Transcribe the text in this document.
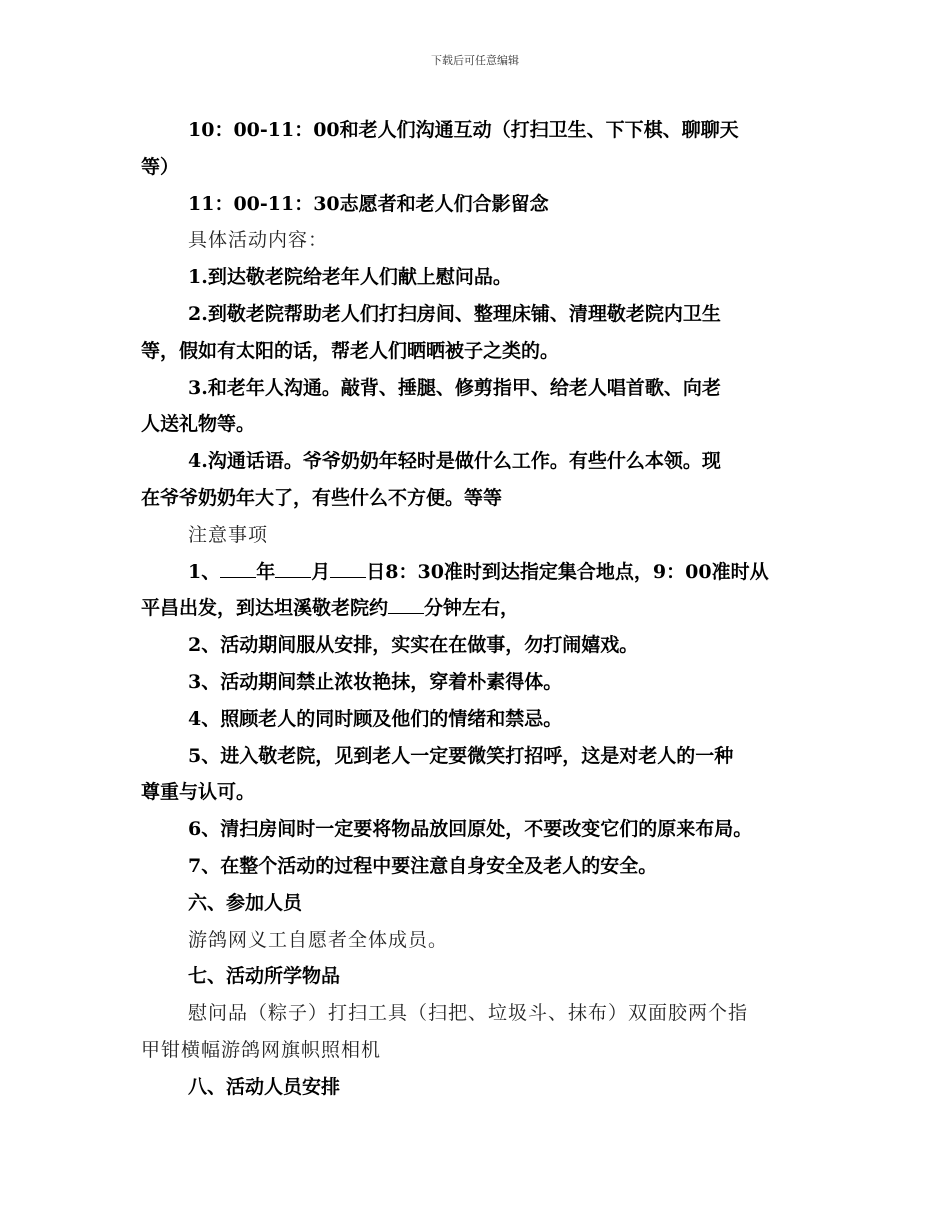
下载后可任意编辑
10：00-11：00和老人们沟通互动（打扫卫生、下下棋、聊聊天
等）
11：00-11：30志愿者和老人们合影留念
具体活动内容：
1.到达敬老院给老年人们献上慰问品。
2.到敬老院帮助老人们打扫房间、整理床铺、清理敬老院内卫生
等，假如有太阳的话，帮老人们晒晒被子之类的。
3.和老年人沟通。敲背、捶腿、修剪指甲、给老人唱首歌、向老
人送礼物等。
4.沟通话语。爷爷奶奶年轻时是做什么工作。有些什么本领。现
在爷爷奶奶年大了，有些什么不方便。等等
注意事项
1、 年 月 日8：30准时到达指定集合地点，9：00准时从
平昌出发，到达坦溪敬老院约 分钟左右，
2、活动期间服从安排，实实在在做事，勿打闹嬉戏。
3、活动期间禁止浓妆艳抹，穿着朴素得体。
4、照顾老人的同时顾及他们的情绪和禁忌。
5、进入敬老院，见到老人一定要微笑打招呼，这是对老人的一种
尊重与认可。
6、清扫房间时一定要将物品放回原处，不要改变它们的原来布局。
7、在整个活动的过程中要注意自身安全及老人的安全。
六、参加人员
游鸽网义工自愿者全体成员。
七、活动所学物品
慰问品（粽子）打扫工具（扫把、垃圾斗、抹布）双面胶两个指
甲钳横幅游鸽网旗帜照相机
八、活动人员安排
